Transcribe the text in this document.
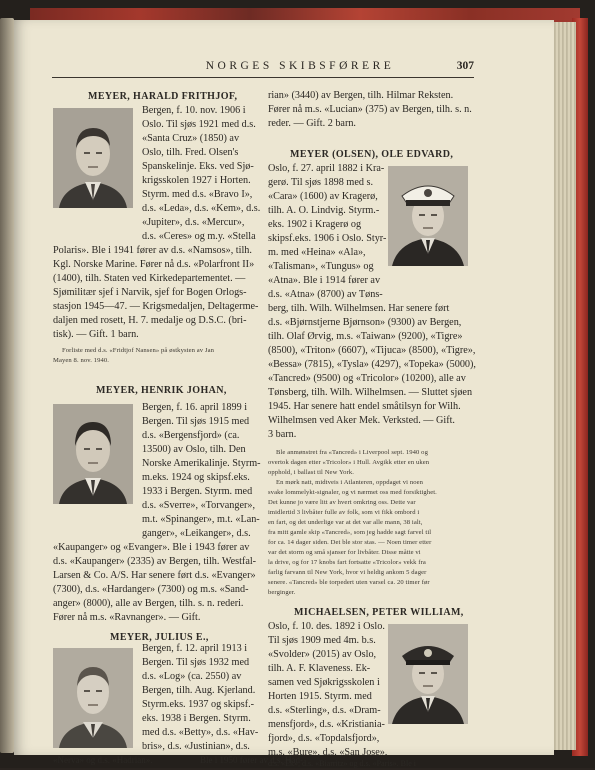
NORGES SKIBSFØRERE	307
MEYER, HARALD FRITHJOF,
Bergen, f. 10. nov. 1906 i
Oslo. Til sjøs 1921 med d.s.
«Santa Cruz» (1850) av
Oslo, tilh. Fred. Olsen's
Spanskelinje. Eks. ved Sjø-
krigsskolen 1927 i Horten.
Styrm. med d.s. «Bravo I»,
d.s. «Leda», d.s. «Kem», d.s.
«Jupiter», d.s. «Mercur»,
d.s. «Ceres» og m.y. «Stella
Polaris». Ble i 1941 fører av d.s. «Namsos», tilh.
Kgl. Norske Marine. Fører nå d.s. «Polarfront II»
(1400), tilh. Staten ved Kirkedepartementet. —
Sjømilitær sjef i Narvik, sjef for Bogen Orlogs-
stasjon 1945—47. — Krigsmedaljen, Deltagerme-
daljen med rosett, H. 7. medalje og D.S.C. (bri-
tisk). — Gift. 1 barn.
Forliste med d.s. «Fridtjof Nansen» på østkysten av Jan
Mayen 8. nov. 1940.
MEYER, HENRIK JOHAN,
Bergen, f. 16. april 1899 i
Bergen. Til sjøs 1915 med
d.s. «Bergensfjord» (ca.
13500) av Oslo, tilh. Den
Norske Amerikalinje. Styrm-
m.eks. 1924 og skipsf.eks.
1933 i Bergen. Styrm. med
d.s. «Sverre», «Torvanger»,
m.t. «Spinanger», m.t. «Lan-
ganger», «Leikanger», d.s.
«Kaupanger» og «Evanger». Ble i 1943 fører av
d.s. «Kaupanger» (2335) av Bergen, tilh. Westfal-
Larsen & Co. A/S. Har senere ført d.s. «Evanger»
(7300), d.s. «Hardanger» (7300) og m.s. «Sand-
anger» (8000), alle av Bergen, tilh. s. n. rederi.
Fører nå m.s. «Ravnanger». — Gift.
MEYER, JULIUS E.,
Bergen, f. 12. april 1913 i
Bergen. Til sjøs 1932 med
d.s. «Log» (ca. 2550) av
Bergen, tilh. Aug. Kjerland.
Styrm.eks. 1937 og skipsf.-
eks. 1938 i Bergen. Styrm.
med d.s. «Betty», d.s. «Hav-
bris», d.s. «Justinian», d.s.
rian» (3440) av Bergen, tilh. Hilmar Reksten.
Fører nå m.s. «Lucian» (375) av Bergen, tilh. s. n.
reder. — Gift. 2 barn.
MEYER (OLSEN), OLE EDVARD,
Oslo, f. 27. april 1882 i Kra-
gerø. Til sjøs 1898 med s.
«Cara» (1600) av Kragerø,
tilh. A. O. Lindvig. Styrm.-
eks. 1902 i Kragerø og
skipsf.eks. 1906 i Oslo. Styr-
m. med «Heina» «Ala»,
«Talisman», «Tungus» og
«Atna». Ble i 1914 fører av
d.s. «Atna» (8700) av Tøns-
berg, tilh. Wilh. Wilhelmsen. Har senere ført
d.s. «Bjørnstjerne Bjørnson» (9300) av Bergen,
tilh. Olaf Ørvig, m.s. «Taiwan» (9200), «Tigre»
(8500), «Triton» (6607), «Tijuca» (8500), «Tigre»,
«Bessa» (7815), «Tysla» (4297), «Topeka» (5000),
«Tancred» (9500) og «Tricolor» (10200), alle av
Tønsberg, tilh. Wilh. Wilhelmsen. — Sluttet sjøen
1945. Har senere hatt endel småtilsyn for Wilh.
Wilhelmsen ved Aker Mek. Verksted. — Gift.
3 barn.
Ble anmønstret fra «Tancred» i Liverpool sept. 1940 og
overtok dagen etter «Tricolor» i Hull. Avgikk etter en uken
opphold, i ballast til New York.
En mørk natt, midtveis i Atlanteren, oppdaget vi noen
svake lommelykt-signaler, og vi nærmet oss med forsiktighet.
Det kunne jo være litt av hvert omkring oss. Dette var
imidlertid 3 livbåter fulle av folk, som vi fikk ombord i
en fart, og det underlige var at det var alle mann, 38 ialt,
fra mitt gamle skip «Tancred», som jeg hadde sagt farvel til
for ca. 14 dager siden. Det ble stor stas. — Noen timer etter
var det storm og små sjanser for livbåter. Disse måtte vi
la drive, og for 17 knobs fart fortsatte «Tricolor» vekk fra
farlig farvann til New York, hvor vi heldig ankom 5 dager
senere. «Tancred» ble torpedert uten varsel ca. 20 timer før
berginger.
MICHAELSEN, PETER WILLIAM,
Oslo, f. 10. des. 1892 i Oslo.
Til sjøs 1909 med 4m. b.s.
«Svolder» (2015) av Oslo,
tilh. A. F. Klaveness. Ek-
samen ved Sjøkrigsskolen i
Horten 1915. Styrm. med
d.s. «Sterling», d.s. «Dram-
mensfjord», d.s. «Kristiania-
fjord», d.s. «Topdalsfjord»,
m.s. «Bure», d.s. «San Jose»,
«Nerva» og d.s. «Hadrian».	Ble i 1950 fører av d.s. Had-
d.s. «Ek», d.s. «Biarritz» og d.s. «Paris». Ble i
